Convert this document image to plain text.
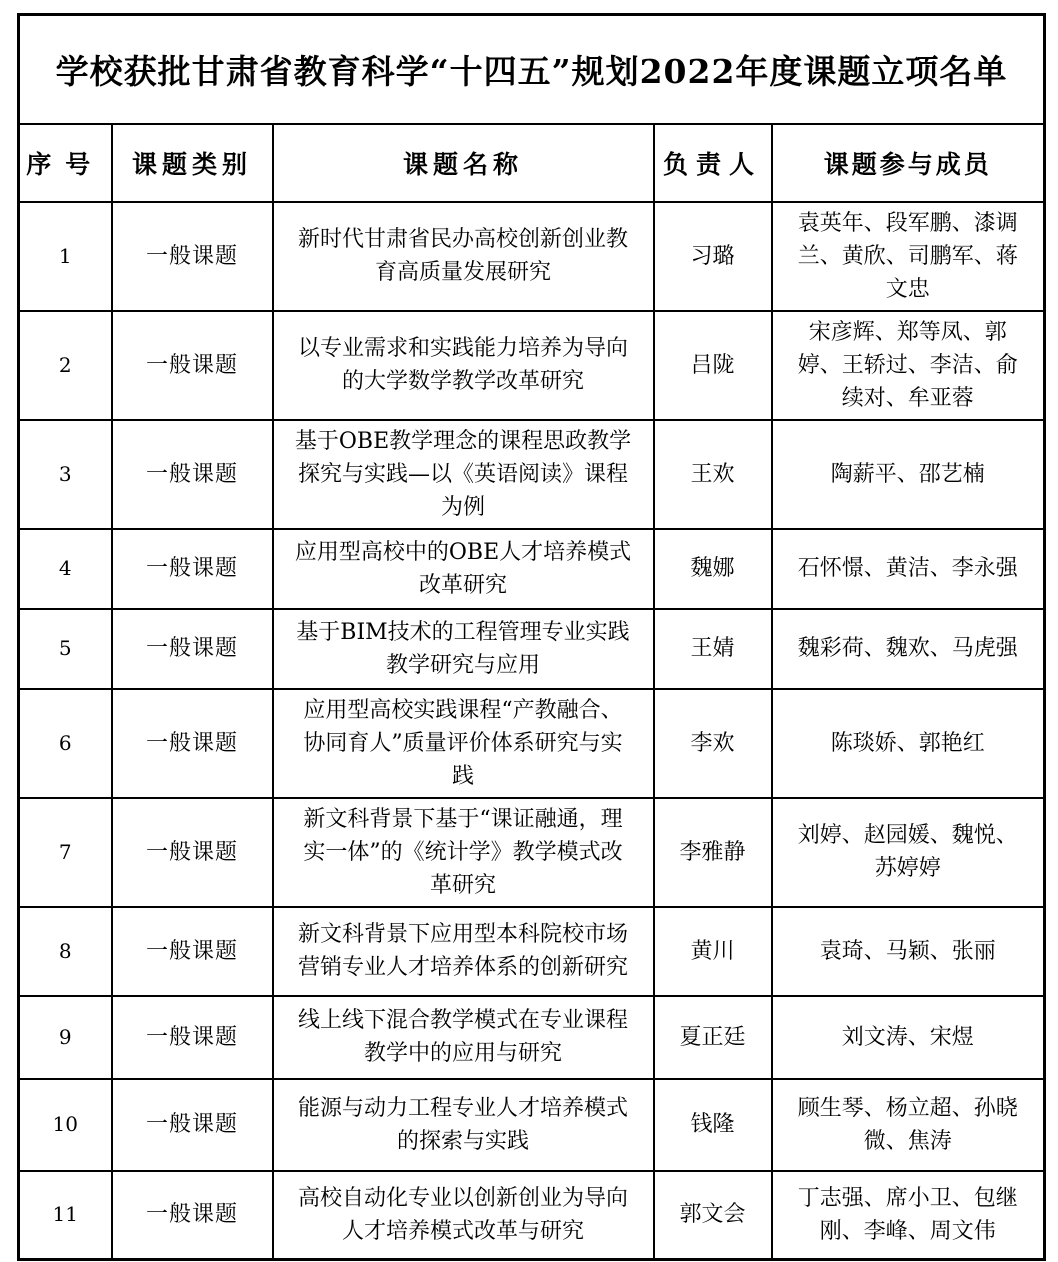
学校获批甘肃省教育科学“十四五”规划2022年度课题立项名单				
序号	课题类别	课题名称	负责人	课题参与成员
1	一般课题	新时代甘肃省民办高校创新创业教育高质量发展研究	习璐	袁英年、段军鹏、漆调兰、黄欣、司鹏军、蒋文忠
2	一般课题	以专业需求和实践能力培养为导向的大学数学教学改革研究	吕陇	宋彦辉、郑等凤、郭婷、王轿过、李洁、俞续对、牟亚蓉
3	一般课题	基于OBE教学理念的课程思政教学探究与实践—以《英语阅读》课程为例	王欢	陶薪平、邵艺楠
4	一般课题	应用型高校中的OBE人才培养模式改革研究	魏娜	石怀憬、黄洁、李永强
5	一般课题	基于BIM技术的工程管理专业实践教学研究与应用	王婧	魏彩荷、魏欢、马虎强
6	一般课题	应用型高校实践课程“产教融合、协同育人”质量评价体系研究与实践	李欢	陈琰娇、郭艳红
7	一般课题	新文科背景下基于“课证融通，理实一体”的《统计学》教学模式改革研究	李雅静	刘婷、赵园媛、魏悦、苏婷婷
8	一般课题	新文科背景下应用型本科院校市场营销专业人才培养体系的创新研究	黄川	袁琦、马颖、张丽
9	一般课题	线上线下混合教学模式在专业课程教学中的应用与研究	夏正廷	刘文涛、宋煜
10	一般课题	能源与动力工程专业人才培养模式的探索与实践	钱隆	顾生琴、杨立超、孙晓微、焦涛
11	一般课题	高校自动化专业以创新创业为导向人才培养模式改革与研究	郭文会	丁志强、席小卫、包继刚、李峰、周文伟
